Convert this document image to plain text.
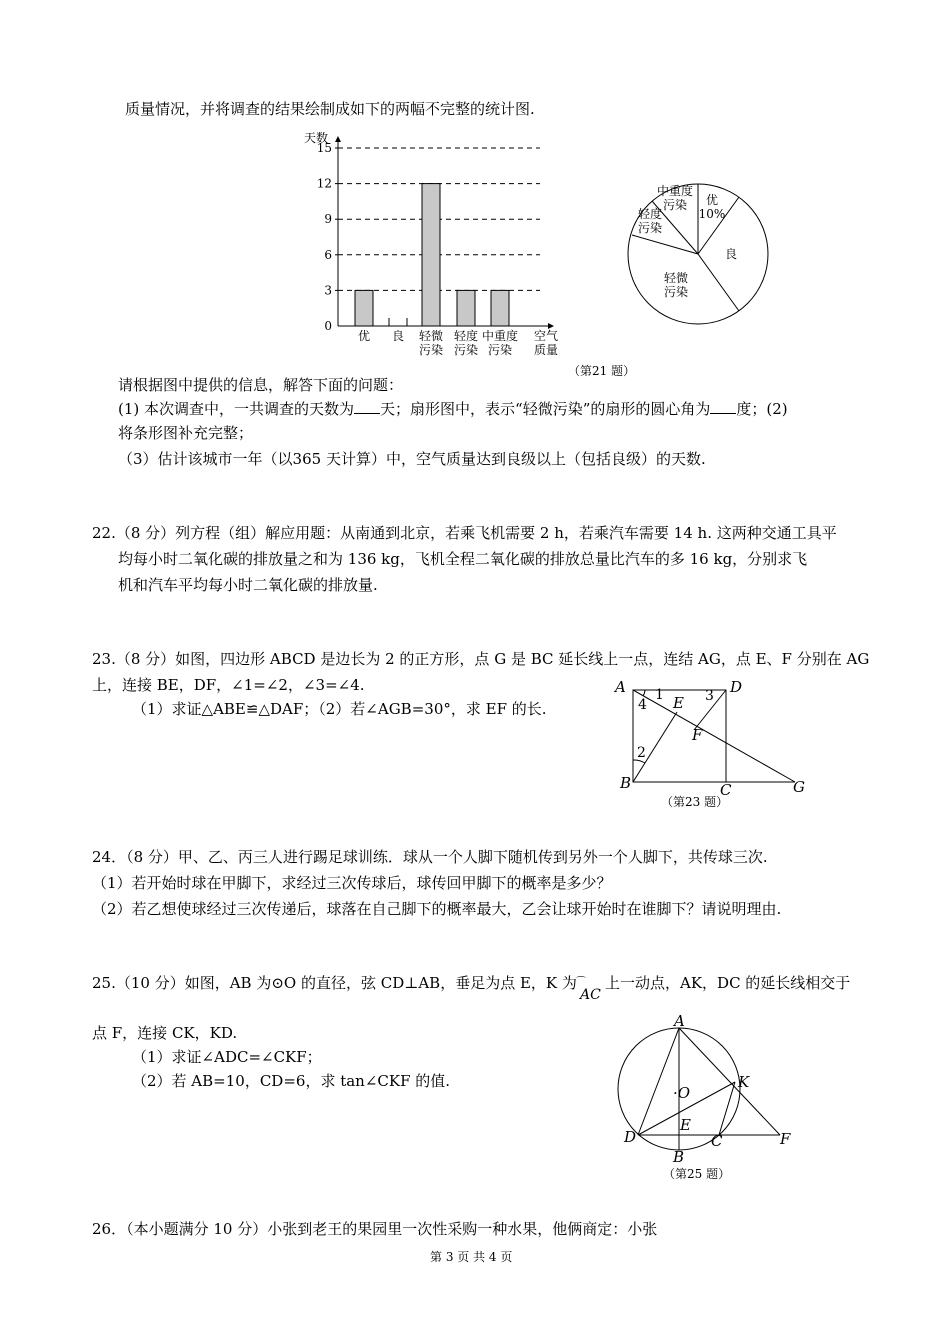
质量情况，并将调查的结果绘制成如下的两幅不完整的统计图.
天数
15
12
9
6
3
0
优 良 轻微
污染
轻度
污染
中重度
污染
空气
质量
优
10%
良
轻微
污染
轻度
污染
中重度
污染
（第21 题）
请根据图中提供的信息，解答下面的问题：
(1) 本次调查中，一共调查的天数为 天；扇形图中，表示“轻微污染”的扇形的圆心角为 度；(2)
将条形图补充完整；
（3）估计该城市一年（以365 天计算）中，空气质量达到良级以上（包括良级）的天数.
22.（8 分）列方程（组）解应用题：从南通到北京，若乘飞机需要 2 h，若乘汽车需要 14 h. 这两种交通工具平
均每小时二氧化碳的排放量之和为 136 kg，飞机全程二氧化碳的排放总量比汽车的多 16 kg，分别求飞
机和汽车平均每小时二氧化碳的排放量.
23.（8 分）如图，四边形 ABCD 是边长为 2 的正方形，点 G 是 BC 延长线上一点，连结 AG，点 E、F 分别在 AG
上，连接 BE，DF，∠1=∠2，∠3=∠4.
（1）求证△ABE≌△DAF；（2）若∠AGB=30°，求 EF 的长.
A	D
B	C	G
E
F
1
2
3
4
（第23 题）
24．（8 分）甲、乙、丙三人进行踢足球训练．球从一个人脚下随机传到另外一个人脚下，共传球三次.
（1）若开始时球在甲脚下，求经过三次传球后，球传回甲脚下的概率是多少？
（2）若乙想使球经过三次传递后，球落在自己脚下的概率最大，乙会让球开始时在谁脚下？请说明理由.
25.（10 分）如图，AB 为⊙O 的直径，弦 CD⊥AB，垂足为点 E，K 为
AC
⌒ 上一动点，AK，DC 的延长线相交于
点 F，连接 CK，KD.
（1）求证∠ADC=∠CKF；
（2）若 AB=10，CD=6，求 tan∠CKF 的值.
A
·O
K
D
E
C	F
B
（第25 题）
26．（本小题满分 10 分）小张到老王的果园里一次性采购一种水果，他俩商定：小张
第 3 页 共 4 页
